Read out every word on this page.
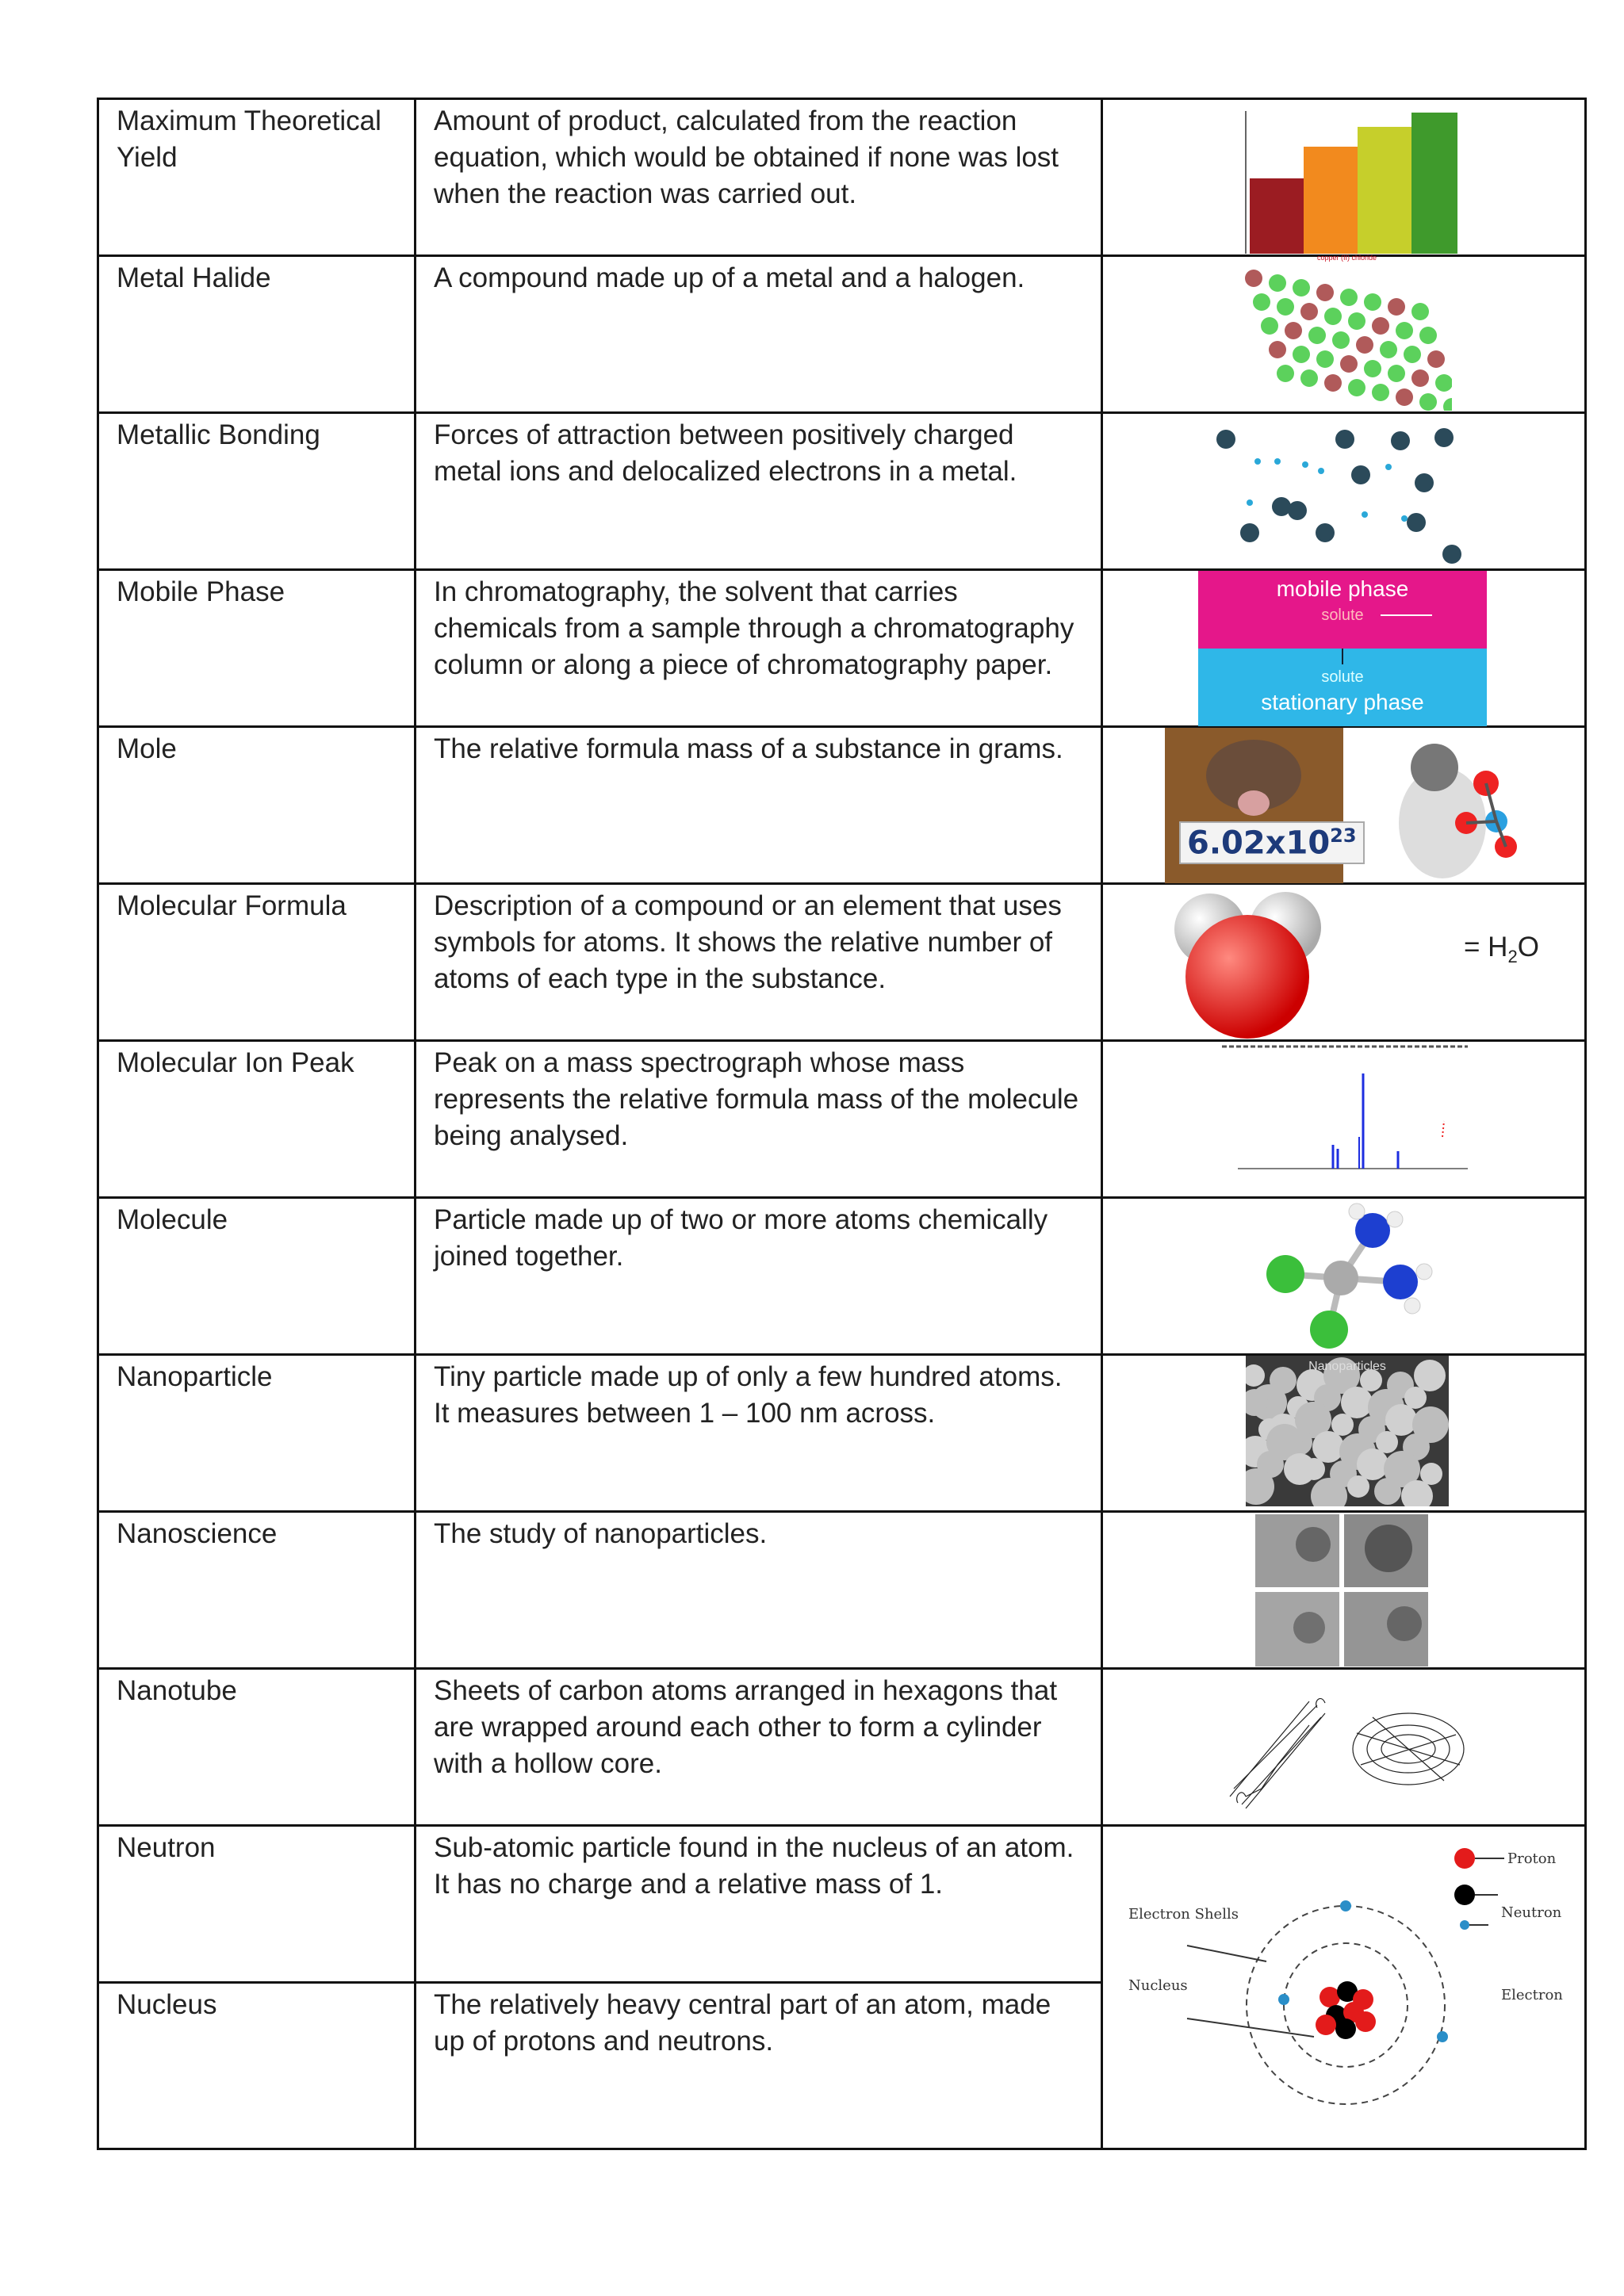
Maximum Theoretical Yield	Amount of product, calculated from the reaction equation, which would be obtained if none was lost when the reaction was carried out.	copper (II) chloride

Metal Halide	A compound made up of a metal and a halogen.	

Metallic Bonding	Forces of attraction between positively charged metal ions and delocalized electrons in a metal.	

Mobile Phase	In chromatography, the solvent that carries chemicals from a sample through a chromatography column or along a piece of chromatography paper.	mobile phase
solute
solute
stationary phase

Mole	The relative formula mass of a substance in grams.	$6.02x10^{23}$

Molecular Formula	Description of a compound or an element that uses symbols for atoms. It shows the relative number of atoms of each type in the substance.	= $H_2O$

Molecular Ion Peak	Peak on a mass spectrograph whose mass represents the relative formula mass of the molecule being analysed.	

Molecule	Particle made up of two or more atoms chemically joined together.	

Nanoparticle	Tiny particle made up of only a few hundred atoms. It measures between 1 – 100 nm across.	Nanoparticles

Nanoscience	The study of nanoparticles.	

Nanotube	Sheets of carbon atoms arranged in hexagons that are wrapped around each other to form a cylinder with a hollow core.	

Neutron	Sub-atomic particle found in the nucleus of an atom. It has no charge and a relative mass of 1.	Electron Shells
Nucleus
Proton
Neutron
Electron

Nucleus	The relatively heavy central part of an atom, made up of protons and neutrons.	
